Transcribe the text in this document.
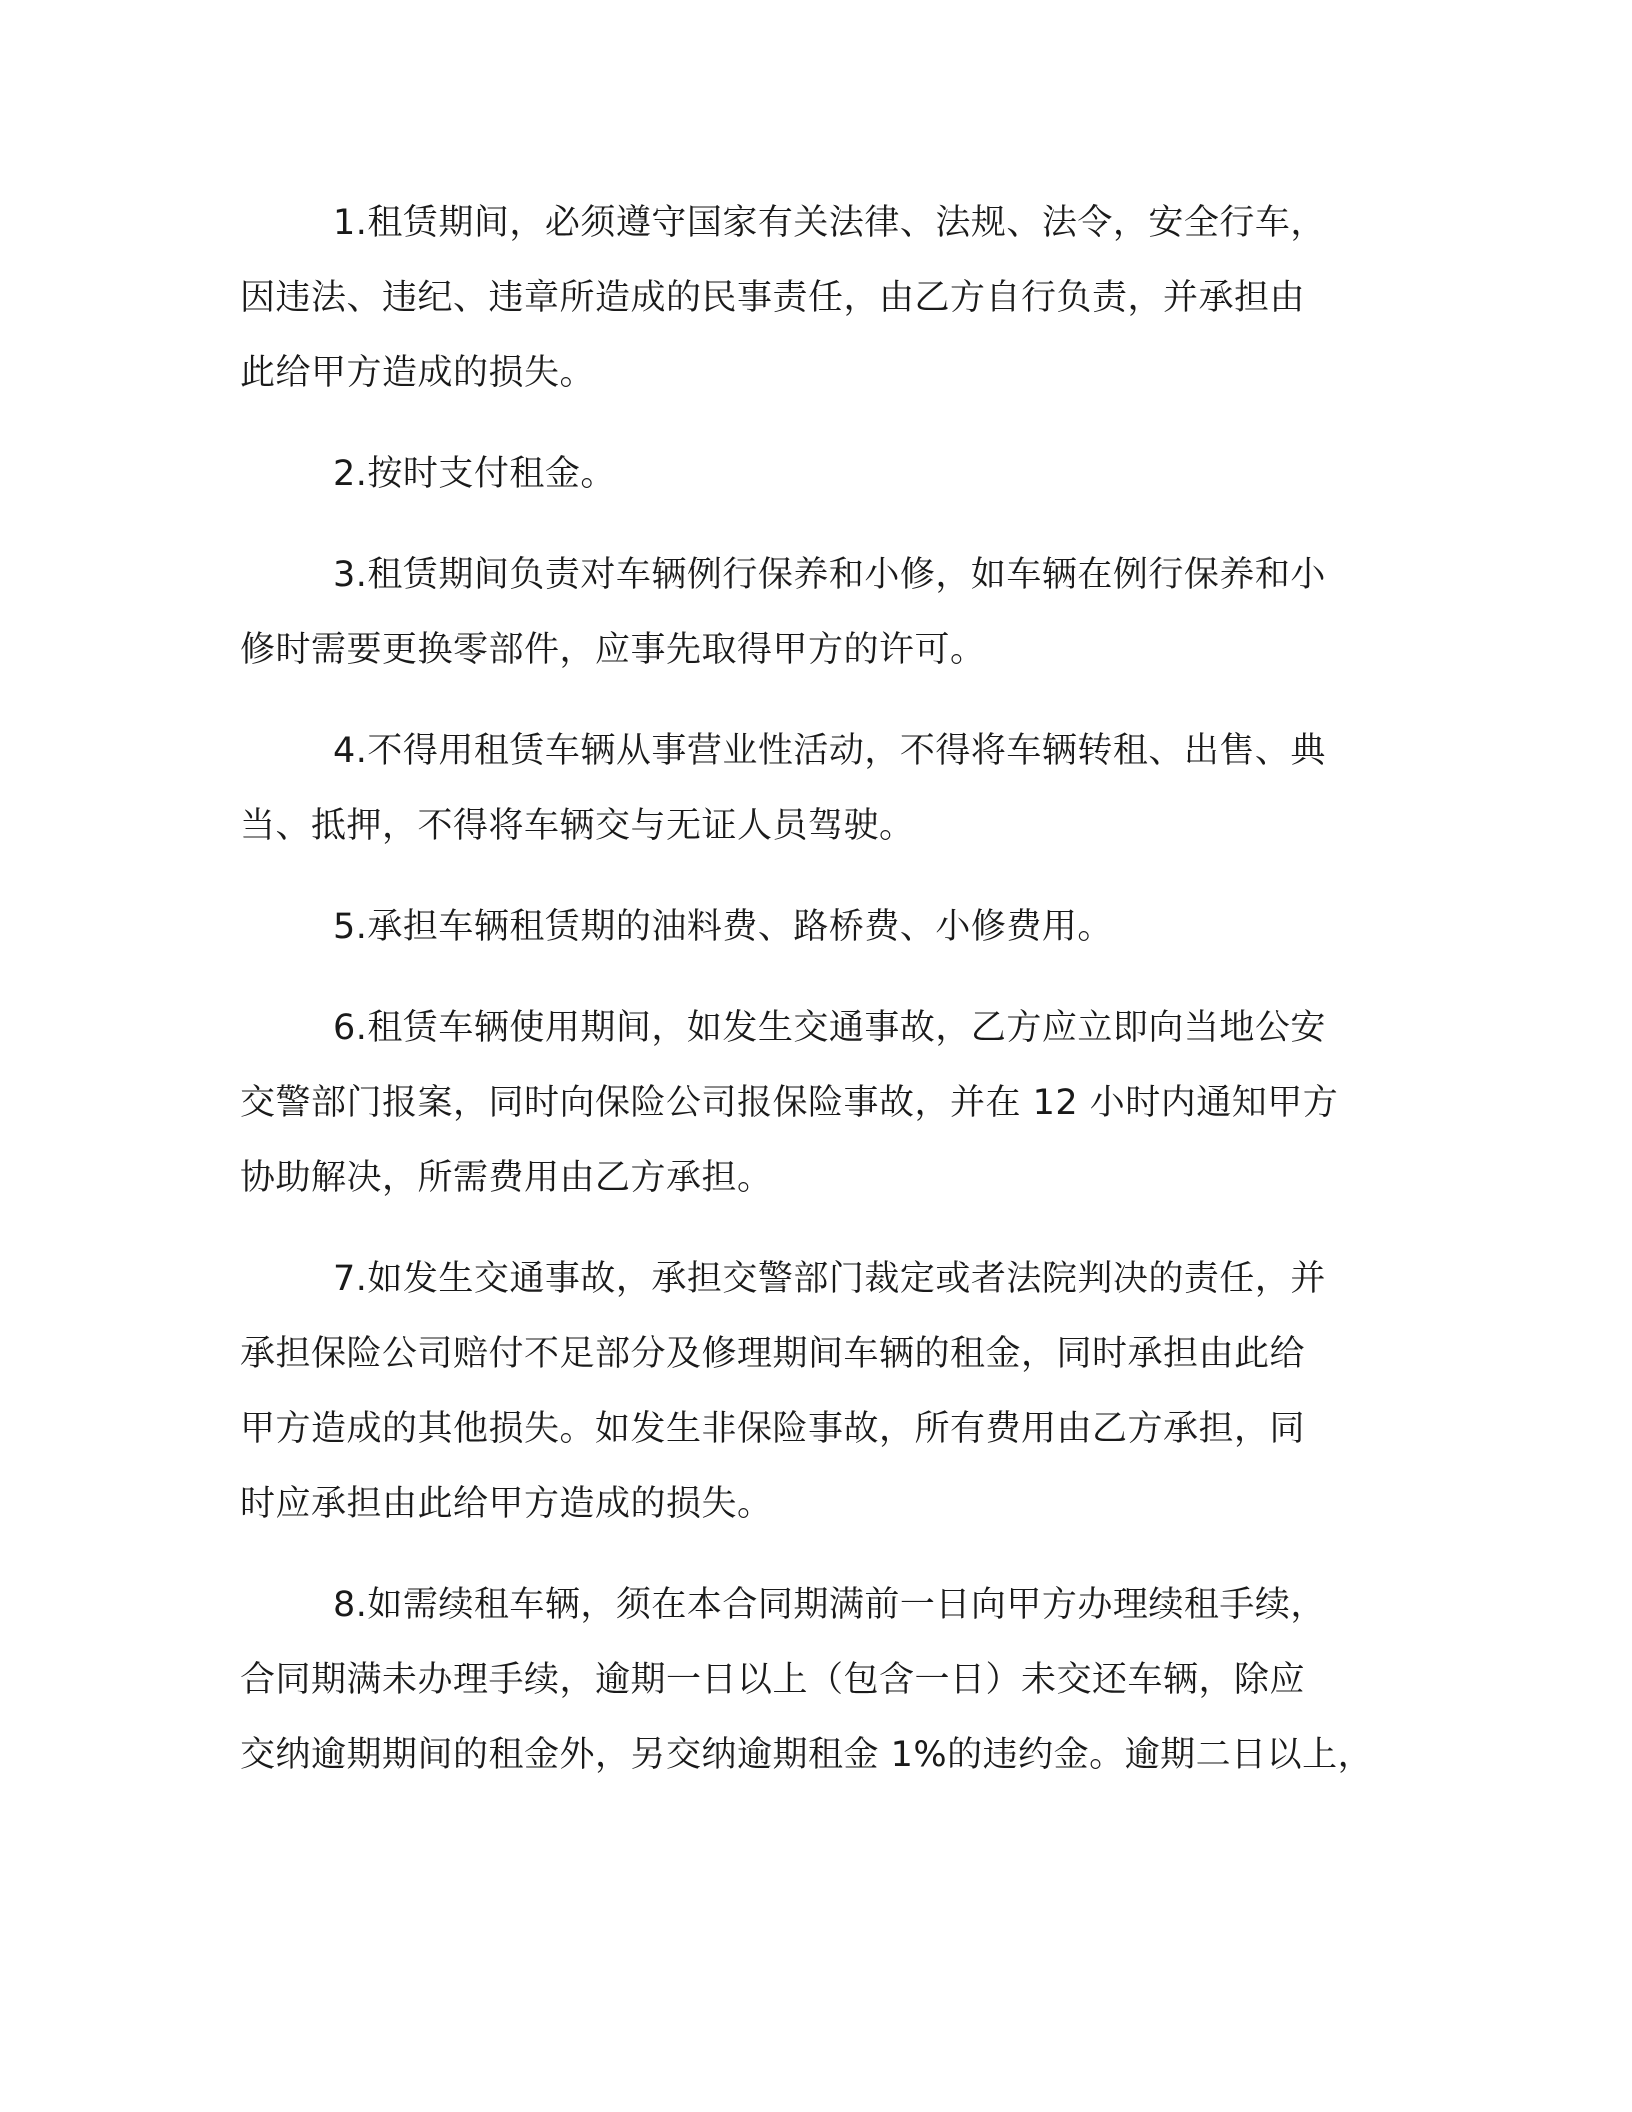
1.租赁期间，必须遵守国家有关法律、法规、法令，安全行车，
因违法、违纪、违章所造成的民事责任，由乙方自行负责，并承担由
此给甲方造成的损失。
2.按时支付租金。
3.租赁期间负责对车辆例行保养和小修，如车辆在例行保养和小
修时需要更换零部件，应事先取得甲方的许可。
4.不得用租赁车辆从事营业性活动，不得将车辆转租、出售、典
当、抵押，不得将车辆交与无证人员驾驶。
5.承担车辆租赁期的油料费、路桥费、小修费用。
6.租赁车辆使用期间，如发生交通事故，乙方应立即向当地公安
交警部门报案，同时向保险公司报保险事故，并在 12 小时内通知甲方
协助解决，所需费用由乙方承担。
7.如发生交通事故，承担交警部门裁定或者法院判决的责任，并
承担保险公司赔付不足部分及修理期间车辆的租金，同时承担由此给
甲方造成的其他损失。如发生非保险事故，所有费用由乙方承担，同
时应承担由此给甲方造成的损失。
8.如需续租车辆，须在本合同期满前一日向甲方办理续租手续，
合同期满未办理手续，逾期一日以上（包含一日）未交还车辆，除应
交纳逾期期间的租金外，另交纳逾期租金 1%的违约金。逾期二日以上，
